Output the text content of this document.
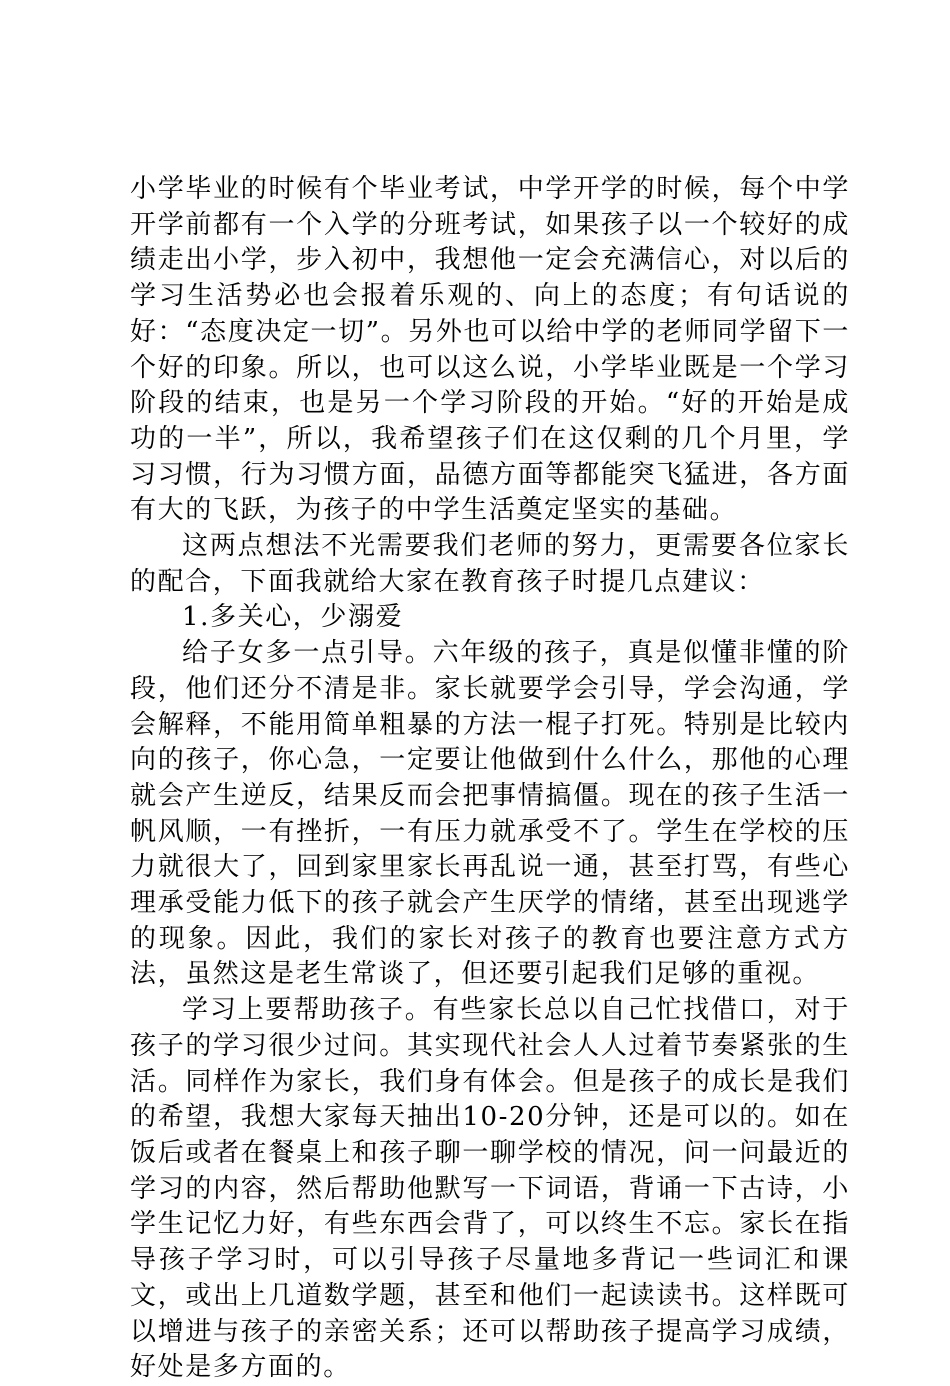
小学毕业的时候有个毕业考试，中学开学的时候，每个中学开学前都有一个入学的分班考试，如果孩子以一个较好的成绩走出小学，步入初中，我想他一定会充满信心，对以后的学习生活势必也会报着乐观的、向上的态度；有句话说的好：“态度决定一切”。另外也可以给中学的老师同学留下一个好的印象。所以，也可以这么说，小学毕业既是一个学习阶段的结束，也是另一个学习阶段的开始。“好的开始是成功的一半”，所以，我希望孩子们在这仅剩的几个月里，学习习惯，行为习惯方面，品德方面等都能突飞猛进，各方面有大的飞跃，为孩子的中学生活奠定坚实的基础。

这两点想法不光需要我们老师的努力，更需要各位家长的配合，下面我就给大家在教育孩子时提几点建议：

1.多关心，少溺爱

给子女多一点引导。六年级的孩子，真是似懂非懂的阶段，他们还分不清是非。家长就要学会引导，学会沟通，学会解释，不能用简单粗暴的方法一棍子打死。特别是比较内向的孩子，你心急，一定要让他做到什么什么，那他的心理就会产生逆反，结果反而会把事情搞僵。现在的孩子生活一帆风顺，一有挫折，一有压力就承受不了。学生在学校的压力就很大了，回到家里家长再乱说一通，甚至打骂，有些心理承受能力低下的孩子就会产生厌学的情绪，甚至出现逃学的现象。因此，我们的家长对孩子的教育也要注意方式方法，虽然这是老生常谈了，但还要引起我们足够的重视。

学习上要帮助孩子。有些家长总以自己忙找借口，对于孩子的学习很少过问。其实现代社会人人过着节奏紧张的生活。同样作为家长，我们身有体会。但是孩子的成长是我们的希望，我想大家每天抽出10-20分钟，还是可以的。如在饭后或者在餐桌上和孩子聊一聊学校的情况，问一问最近的学习的内容，然后帮助他默写一下词语，背诵一下古诗，小学生记忆力好，有些东西会背了，可以终生不忘。家长在指导孩子学习时，可以引导孩子尽量地多背记一些词汇和课文，或出上几道数学题，甚至和他们一起读读书。这样既可以增进与孩子的亲密关系；还可以帮助孩子提高学习成绩，好处是多方面的。
